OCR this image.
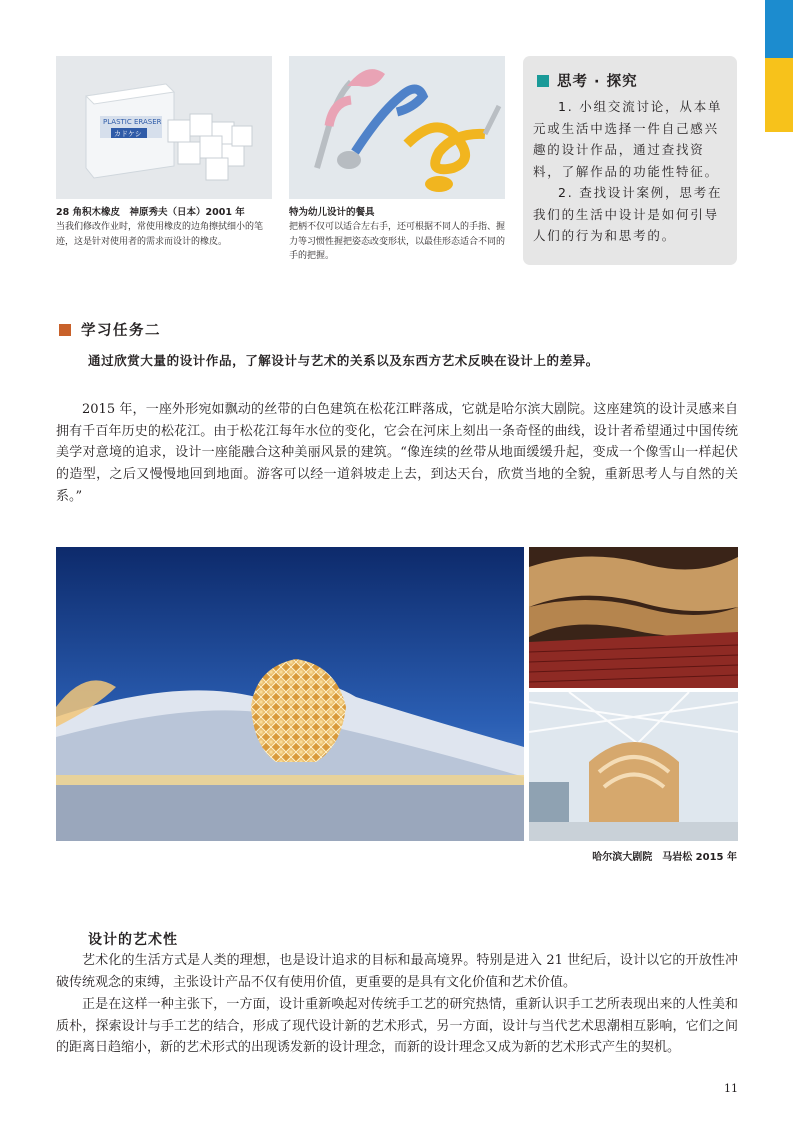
PLASTIC ERASER
カドケシ
28 角积木橡皮　神原秀夫（日本）2001 年
当我们修改作业时，常使用橡皮的边角擦拭细小的笔迹，这是针对使用者的需求而设计的橡皮。
特为幼儿设计的餐具
把柄不仅可以适合左右手，还可根据不同人的手指、握力等习惯性握把姿态改变形状，以最佳形态适合不同的手的把握。
思考 · 探究

1. 小组交流讨论，从本单元或生活中选择一件自己感兴趣的设计作品，通过查找资料，了解作品的功能性特征。

2. 查找设计案例，思考在我们的生活中设计是如何引导人们的行为和思考的。

学习任务二
通过欣赏大量的设计作品，了解设计与艺术的关系以及东西方艺术反映在设计上的差异。
2015 年，一座外形宛如飘动的丝带的白色建筑在松花江畔落成，它就是哈尔滨大剧院。这座建筑的设计灵感来自拥有千百年历史的松花江。由于松花江每年水位的变化，它会在河床上刻出一条奇怪的曲线，设计者希望通过中国传统美学对意境的追求，设计一座能融合这种美丽风景的建筑。“像连续的丝带从地面缓缓升起，变成一个像雪山一样起伏的造型，之后又慢慢地回到地面。游客可以经一道斜坡走上去，到达天台，欣赏当地的全貌，重新思考人与自然的关系。”
哈尔滨大剧院　马岩松 2015 年
设计的艺术性
艺术化的生活方式是人类的理想，也是设计追求的目标和最高境界。特别是进入 21 世纪后，设计以它的开放性冲破传统观念的束缚，主张设计产品不仅有使用价值，更重要的是具有文化价值和艺术价值。
正是在这样一种主张下，一方面，设计重新唤起对传统手工艺的研究热情，重新认识手工艺所表现出来的人性美和质朴，探索设计与手工艺的结合，形成了现代设计新的艺术形式，另一方面，设计与当代艺术思潮相互影响，它们之间的距离日趋缩小，新的艺术形式的出现诱发新的设计理念，而新的设计理念又成为新的艺术形式产生的契机。
11
